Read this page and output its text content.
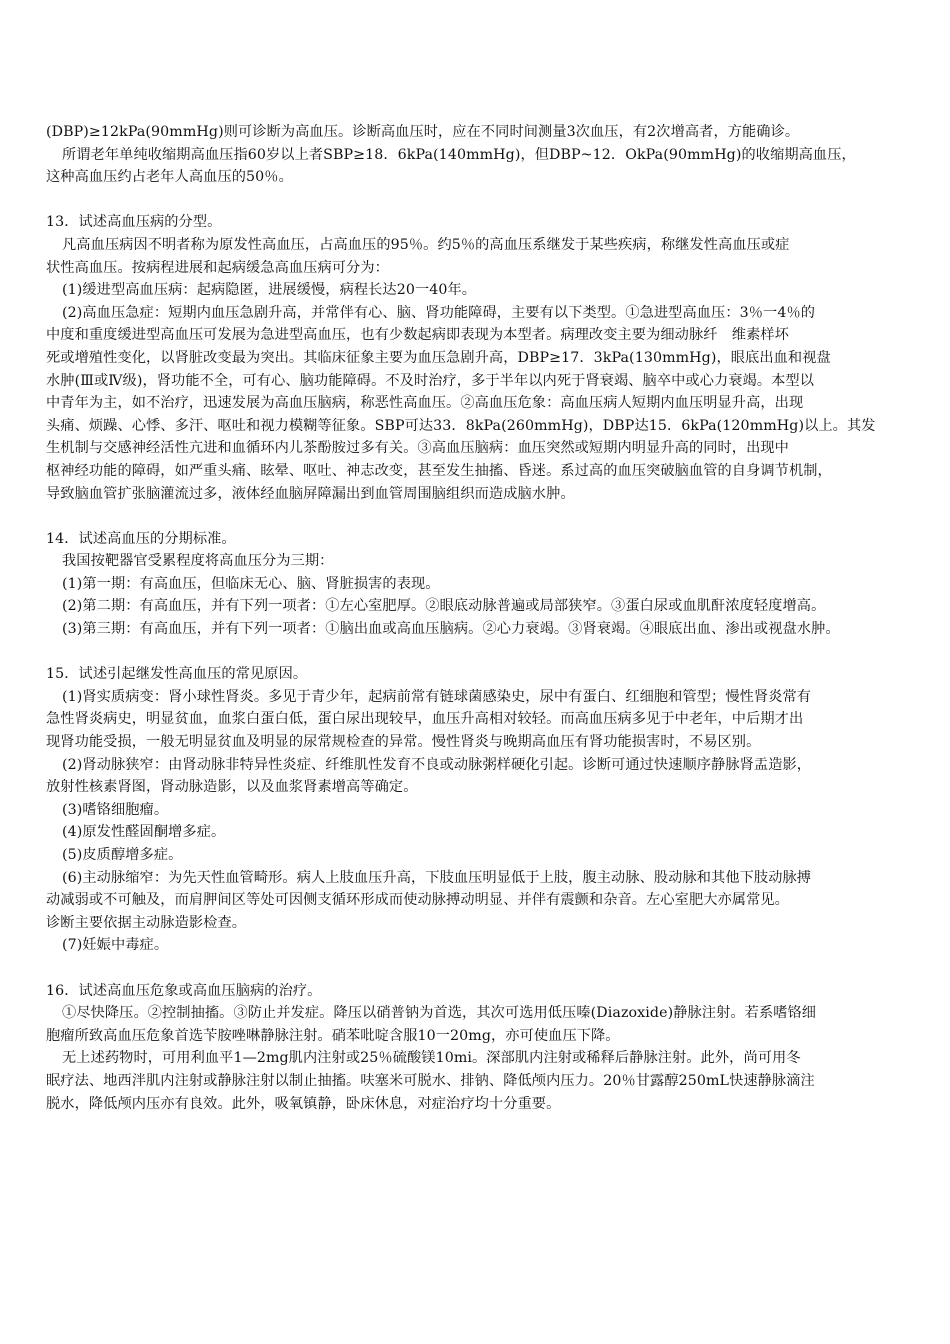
(DBP)≥12kPa(90mmHg)则可诊断为高血压。诊断高血压时，应在不同时间测量3次血压，有2次增高者，方能确诊。
所谓老年单纯收缩期高血压指60岁以上者SBP≥18．6kPa(140mmHg)，但DBP~12．OkPa(90mmHg)的收缩期高血压，
这种高血压约占老年人高血压的50％。
13．试述高血压病的分型。
凡高血压病因不明者称为原发性高血压，占高血压的95％。约5％的高血压系继发于某些疾病，称继发性高血压或症
状性高血压。按病程进展和起病缓急高血压病可分为：
(1)缓进型高血压病：起病隐匿，进展缓慢，病程长达20一40年。
(2)高血压急症：短期内血压急剧升高，并常伴有心、脑、肾功能障碍，主要有以下类型。①急进型高血压：3％一4％的
中度和重度缓进型高血压可发展为急进型高血压，也有少数起病即表现为本型者。病理改变主要为细动脉纤　维素样坏
死或增殖性变化，以肾脏改变最为突出。其临床征象主要为血压急剧升高，DBP≥17．3kPa(130mmHg)，眼底出血和视盘
水肿(Ⅲ或Ⅳ级)，肾功能不全，可有心、脑功能障碍。不及时治疗，多于半年以内死于肾衰竭、脑卒中或心力衰竭。本型以
中青年为主，如不治疗，迅速发展为高血压脑病，称恶性高血压。②高血压危象：高血压病人短期内血压明显升高，出现
头痛、烦躁、心悸、多汗、呕吐和视力模糊等征象。SBP可达33．8kPa(260mmHg)，DBP达15．6kPa(120mmHg)以上。其发
生机制与交感神经活性亢进和血循环内儿茶酚胺过多有关。③高血压脑病：血压突然或短期内明显升高的同时，出现中
枢神经功能的障碍，如严重头痛、眩晕、呕吐、神志改变，甚至发生抽搐、昏迷。系过高的血压突破脑血管的自身调节机制，
导致脑血管扩张脑灌流过多，液体经血脑屏障漏出到血管周围脑组织而造成脑水肿。
14．试述高血压的分期标准。
我国按靶器官受累程度将高血压分为三期：
(1)第一期：有高血压，但临床无心、脑、肾脏损害的表现。
(2)第二期：有高血压，并有下列一项者：①左心室肥厚。②眼底动脉普遍或局部狭窄。③蛋白尿或血肌酐浓度轻度增高。
(3)第三期：有高血压，并有下列一项者：①脑出血或高血压脑病。②心力衰竭。③肾衰竭。④眼底出血、渗出或视盘水肿。
15．试述引起继发性高血压的常见原因。
(1)肾实质病变：肾小球性肾炎。多见于青少年，起病前常有链球菌感染史，尿中有蛋白、红细胞和管型；慢性肾炎常有
急性肾炎病史，明显贫血，血浆白蛋白低，蛋白尿出现较早，血压升高相对较轻。而高血压病多见于中老年，中后期才出
现肾功能受损，一般无明显贫血及明显的尿常规检查的异常。慢性肾炎与晚期高血压有肾功能损害时，不易区别。
(2)肾动脉狭窄：由肾动脉非特异性炎症、纤维肌性发育不良或动脉粥样硬化引起。诊断可通过快速顺序静脉肾盂造影，
放射性核素肾图，肾动脉造影，以及血浆肾素增高等确定。
(3)嗜铬细胞瘤。
(4)原发性醛固酮增多症。
(5)皮质醇增多症。
(6)主动脉缩窄：为先天性血管畸形。病人上肢血压升高，下肢血压明显低于上肢，腹主动脉、股动脉和其他下肢动脉搏
动减弱或不可触及，而肩胛间区等处可因侧支循环形成而使动脉搏动明显、并伴有震颤和杂音。左心室肥大亦属常见。
诊断主要依据主动脉造影检查。
(7)妊娠中毒症。
16．试述高血压危象或高血压脑病的治疗。
①尽快降压。②控制抽搐。③防止并发症。降压以硝普钠为首选，其次可选用低压嗪(Diazoxide)静脉注射。若系嗜铬细
胞瘤所致高血压危象首选苄胺唑啉静脉注射。硝苯吡啶含服10一20mg，亦可使血压下降。
无上述药物时，可用利血平1—2mg肌内注射或25％硫酸镁10mi。深部肌内注射或稀释后静脉注射。此外，尚可用冬
眠疗法、地西泮肌内注射或静脉注射以制止抽搐。呋塞米可脱水、排钠、降低颅内压力。20％甘露醇250mL快速静脉滴注
脱水，降低颅内压亦有良效。此外，吸氧镇静，卧床休息，对症治疗均十分重要。
